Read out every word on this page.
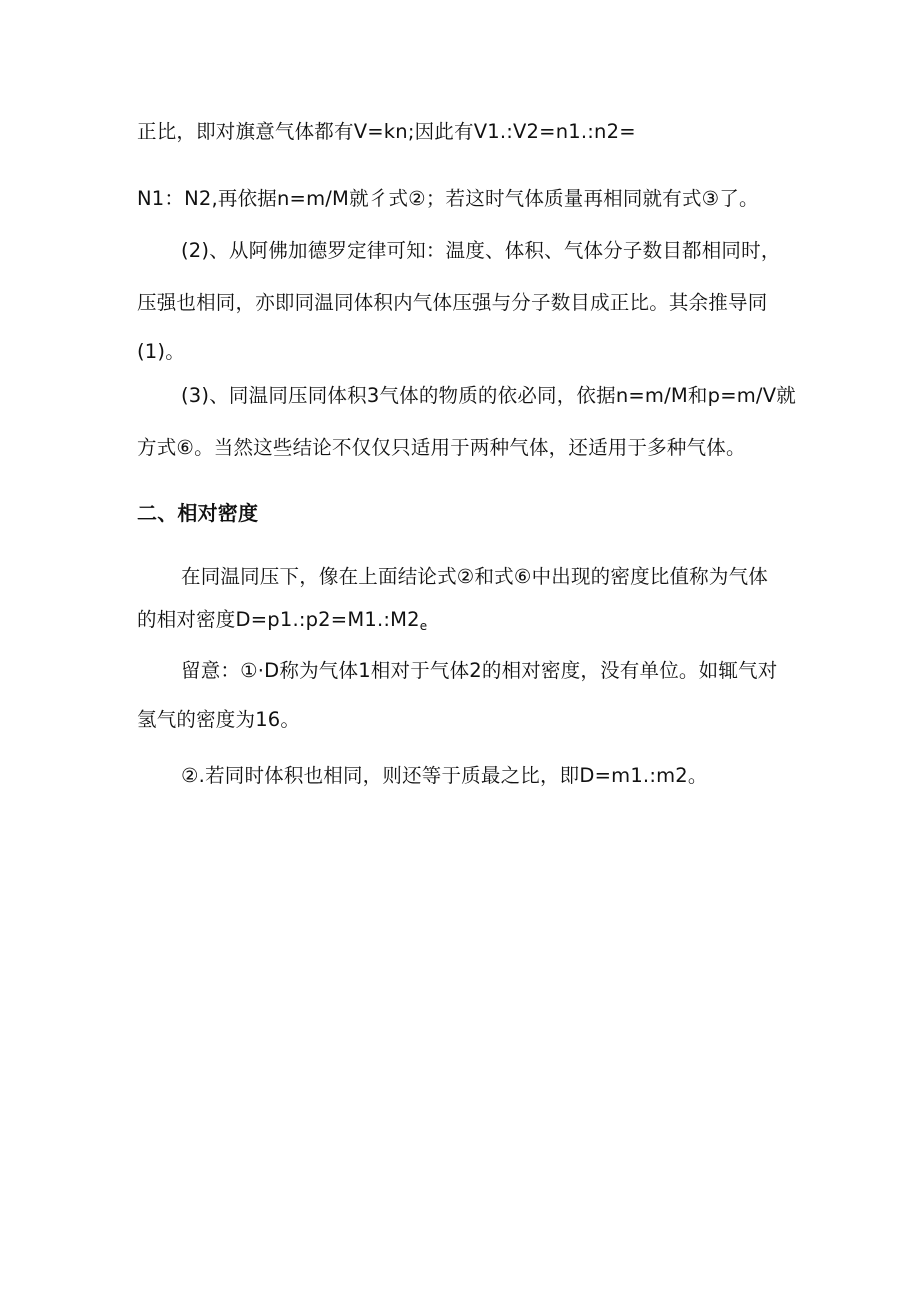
正比，即对旗意气体都有V=kn;因此有V1.:V2=n1.:n2=
N1：N2,再依据n=m/M就彳式②；若这时气体质量再相同就有式③了。
(2)、从阿佛加德罗定律可知：温度、体积、气体分子数目都相同时，
压强也相同，亦即同温同体积内气体压强与分子数目成正比。其余推导同
(1)。
(3)、同温同压同体积3气体的物质的依必同，依据n=m/M和p=m/V就
方式⑥。当然这些结论不仅仅只适用于两种气体，还适用于多种气体。
二、相对密度
在同温同压下，像在上面结论式②和式⑥中出现的密度比值称为气体
的相对密度$D=p1.:p2=M1.:M2_e$
留意：①·D称为气体1相对于气体2的相对密度，没有单位。如辄气对
氢气的密度为16。
②.若同时体积也相同，则还等于质最之比，即D=m1.:m2。
